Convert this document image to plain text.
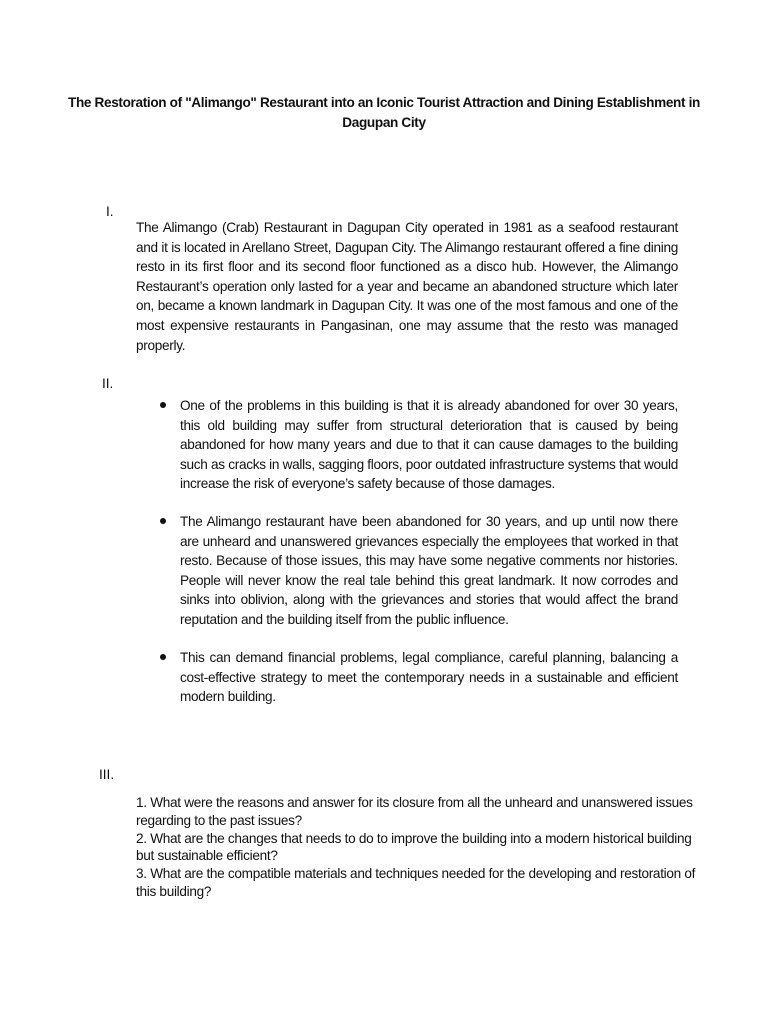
The Restoration of "Alimango" Restaurant into an Iconic Tourist Attraction and Dining Establishment in Dagupan City

I.

The Alimango (Crab) Restaurant in Dagupan City operated in 1981 as a seafood restaurant and it is located in Arellano Street, Dagupan City. The Alimango restaurant offered a fine dining resto in its first floor and its second floor functioned as a disco hub. However, the Alimango Restaurant’s operation only lasted for a year and became an abandoned structure which later on, became a known landmark in Dagupan City. It was one of the most famous and one of the most expensive restaurants in Pangasinan, one may assume that the resto was managed properly.

II.

One of the problems in this building is that it is already abandoned for over 30 years, this old building may suffer from structural deterioration that is caused by being abandoned for how many years and due to that it can cause damages to the building such as cracks in walls, sagging floors, poor outdated infrastructure systems that would increase the risk of everyone’s safety because of those damages.

The Alimango restaurant have been abandoned for 30 years, and up until now there are unheard and unanswered grievances especially the employees that worked in that resto. Because of those issues, this may have some negative comments nor histories. People will never know the real tale behind this great landmark. It now corrodes and sinks into oblivion, along with the grievances and stories that would affect the brand reputation and the building itself from the public influence.

This can demand financial problems, legal compliance, careful planning, balancing a cost-effective strategy to meet the contemporary needs in a sustainable and efficient modern building.

III.

1. What were the reasons and answer for its closure from all the unheard and unanswered issues regarding to the past issues?

2. What are the changes that needs to do to improve the building into a modern historical building but sustainable efficient?

3. What are the compatible materials and techniques needed for the developing and restoration of this building?
